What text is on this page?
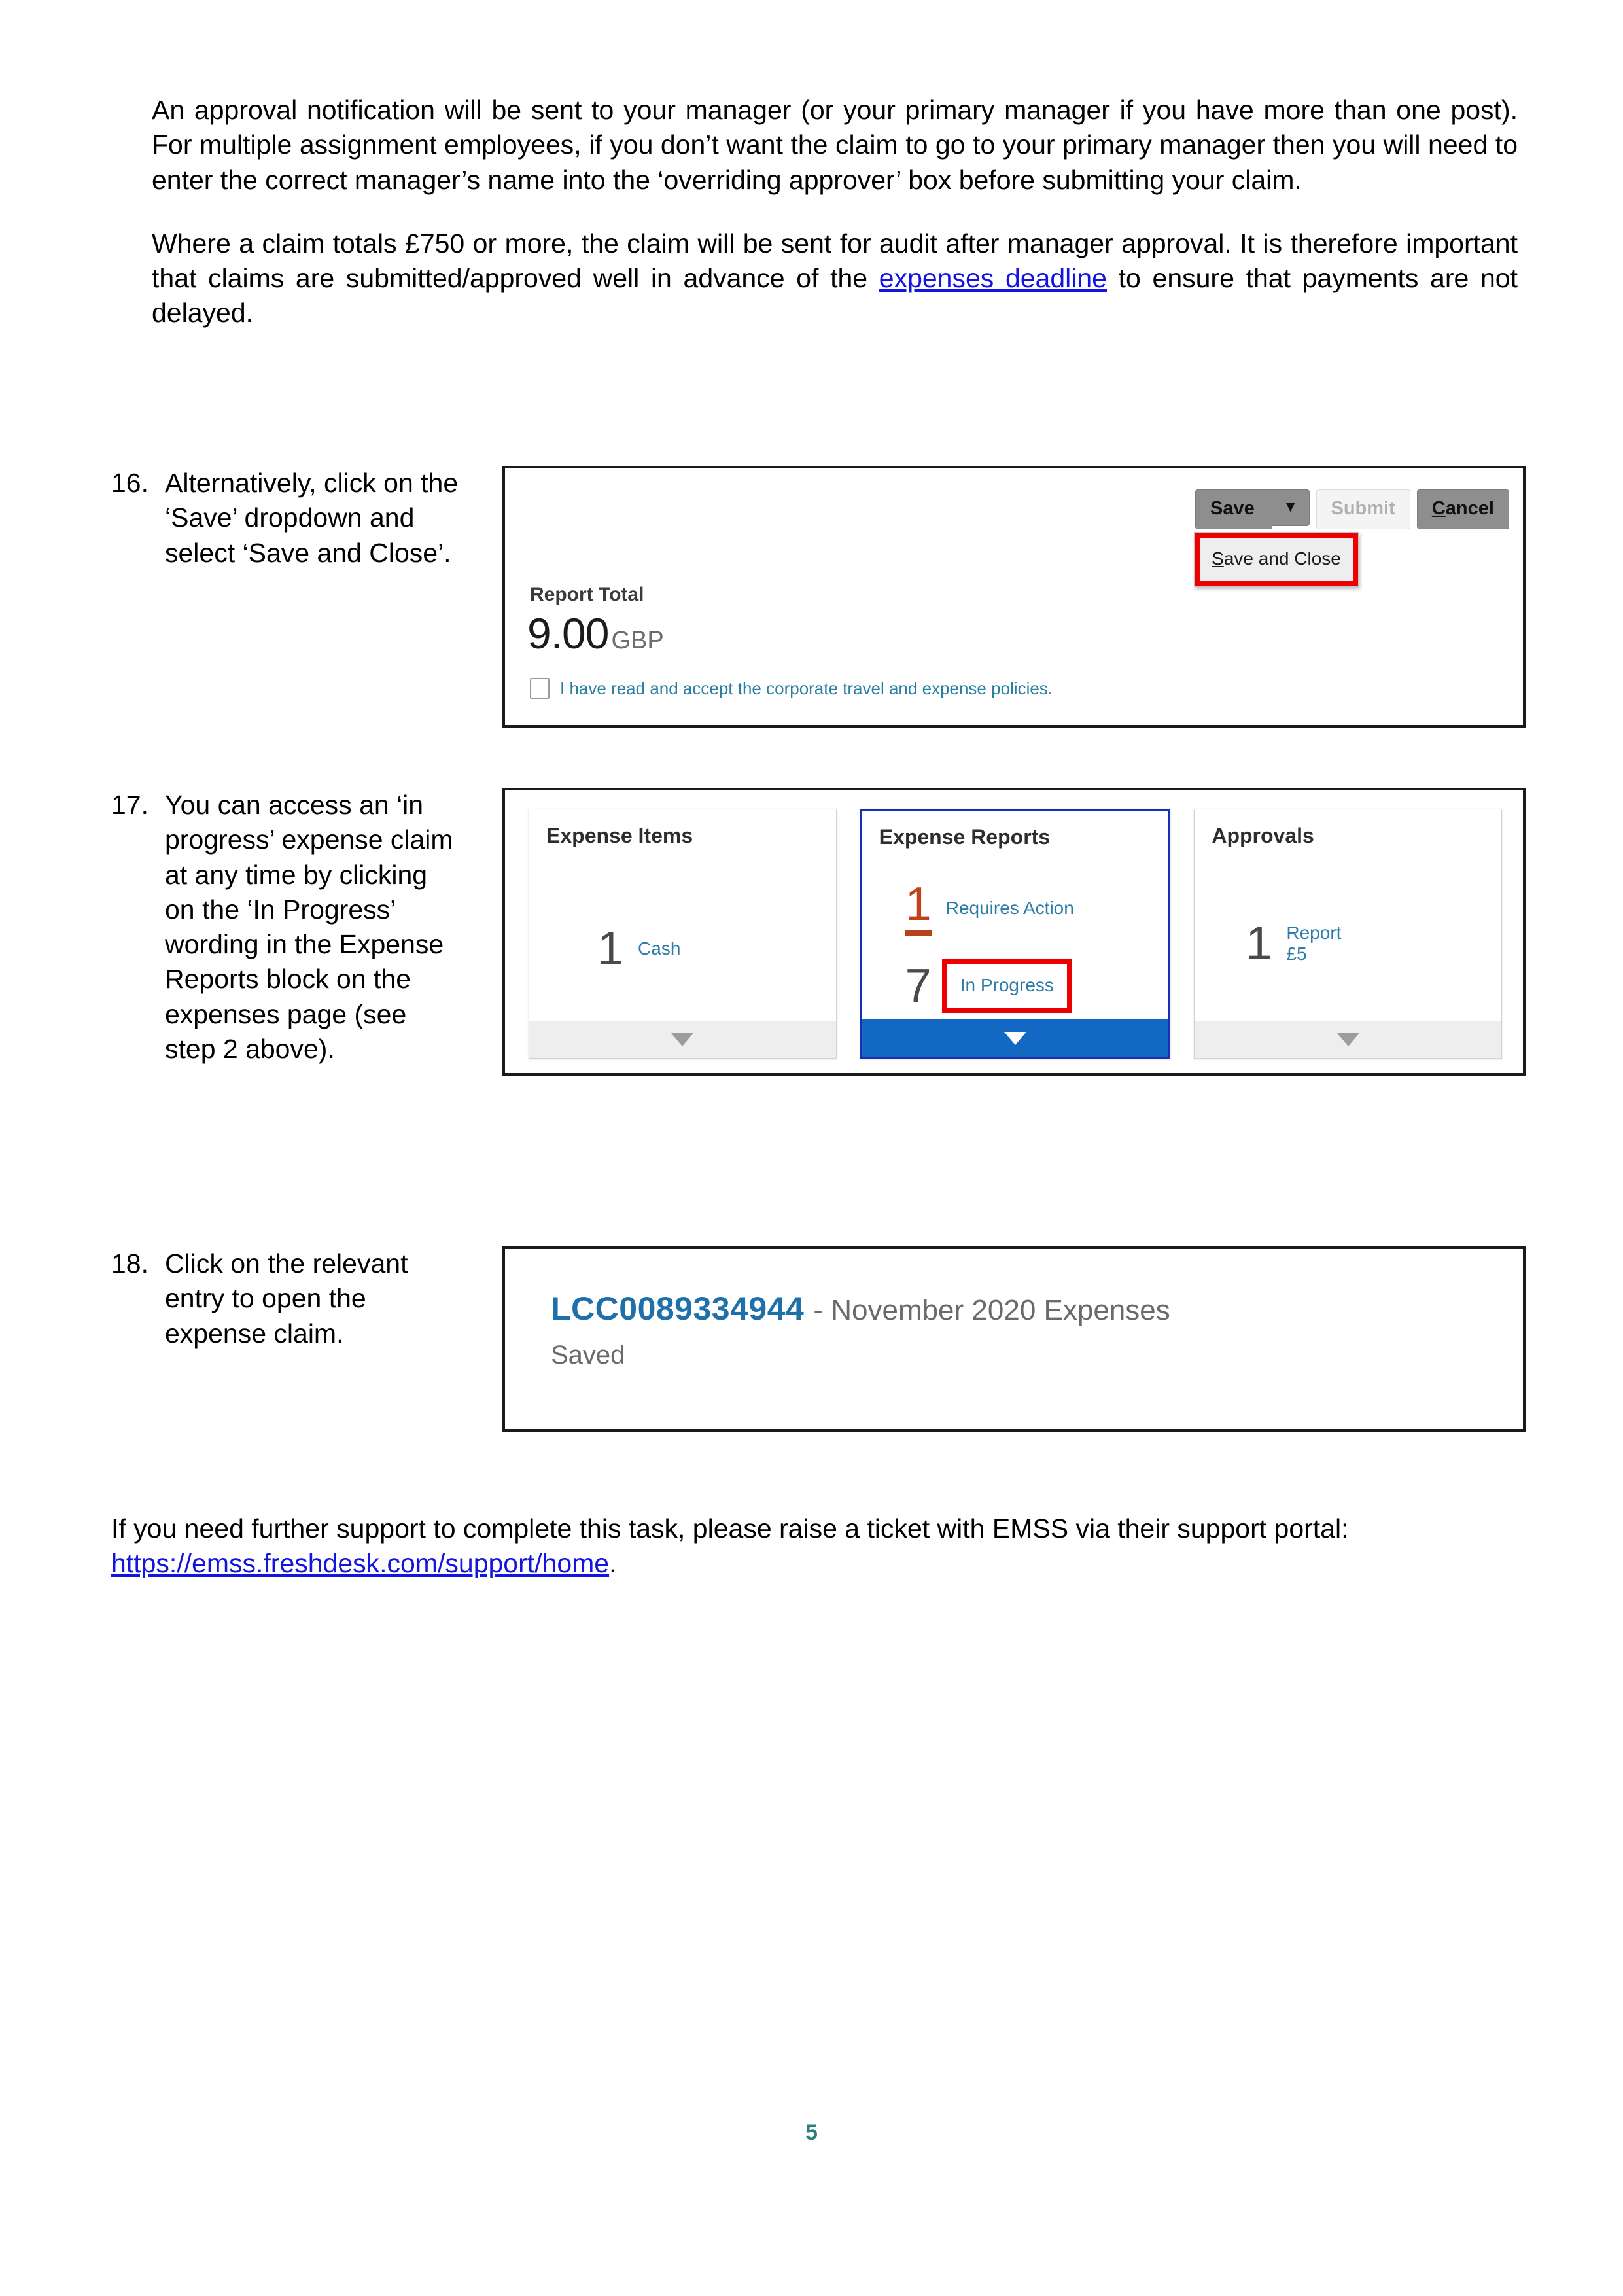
An approval notification will be sent to your manager (or your primary manager if you have more than one post). For multiple assignment employees, if you don’t want the claim to go to your primary manager then you will need to enter the correct manager’s name into the ‘overriding approver’ box before submitting your claim.

Where a claim totals £750 or more, the claim will be sent for audit after manager approval. It is therefore important that claims are submitted/approved well in advance of the expenses deadline to ensure that payments are not delayed.

16. Alternatively, click on the ‘Save’ dropdown and select ‘Save and Close’.
Save	▼	Submit	Cancel
Save and Close
Report Total
9.00 GBP
I have read and accept the corporate travel and expense policies.
17. You can access an ‘in progress’ expense claim at any time by clicking on the ‘In Progress’ wording in the Expense Reports block on the expenses page (see step 2 above).
Expense Items
1 Cash
Expense Reports
1 Requires Action
7	In Progress
Approvals
1 Report
£5
18. Click on the relevant entry to open the expense claim.
LCC0089334944 - November 2020 Expenses
Saved
If you need further support to complete this task, please raise a ticket with EMSS via their support portal: https://emss.freshdesk.com/support/home.
5
